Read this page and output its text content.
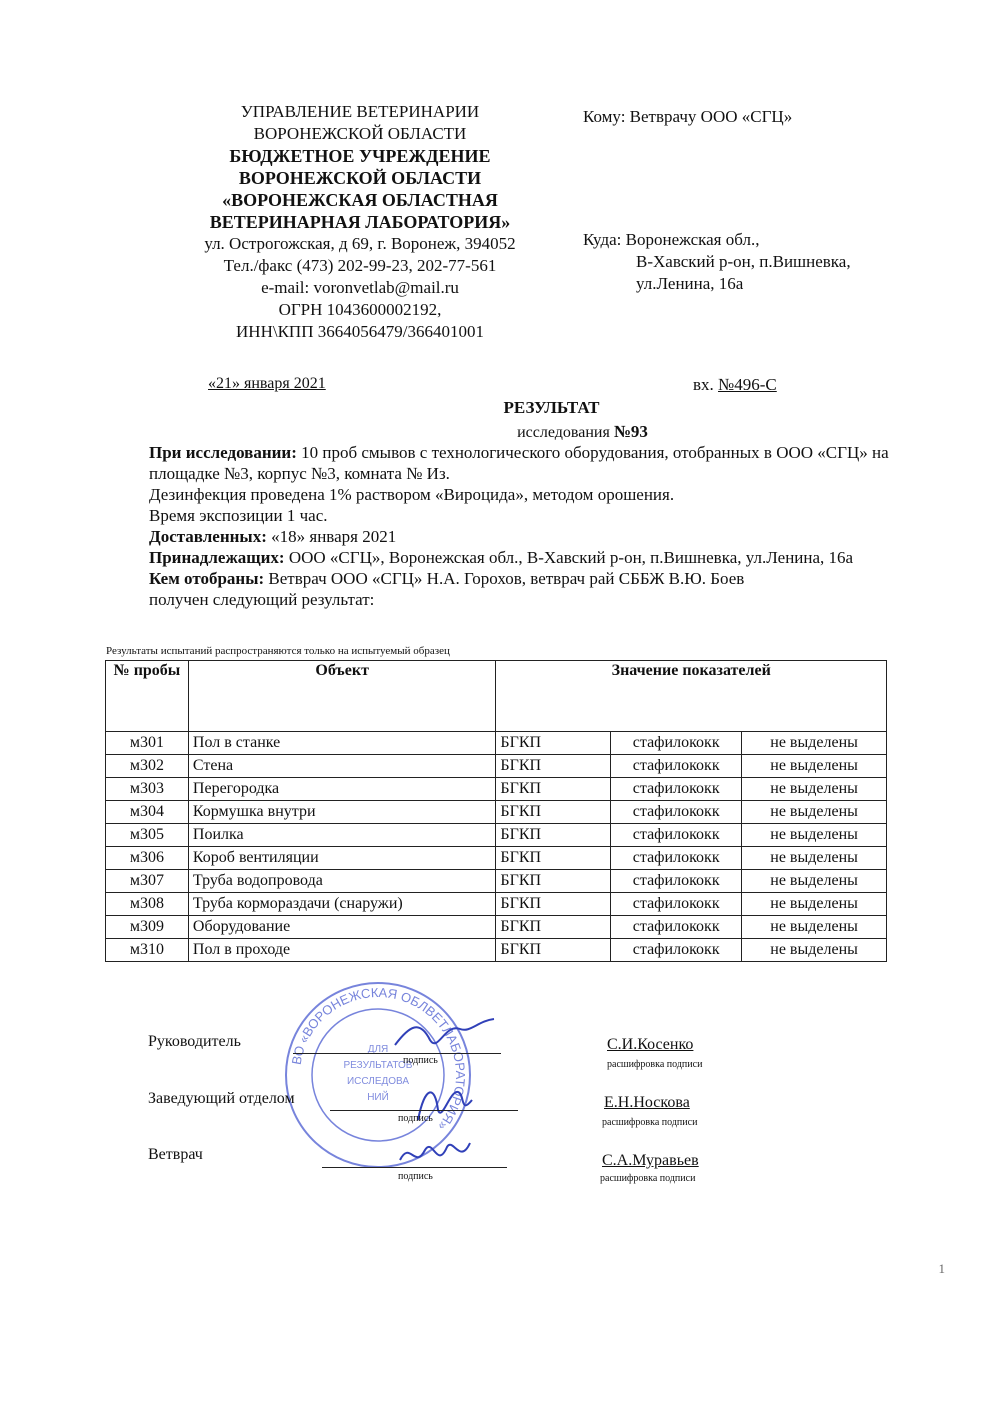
УПРАВЛЕНИЕ ВЕТЕРИНАРИИ
ВОРОНЕЖСКОЙ ОБЛАСТИ
БЮДЖЕТНОЕ УЧРЕЖДЕНИЕ
ВОРОНЕЖСКОЙ ОБЛАСТИ
«ВОРОНЕЖСКАЯ ОБЛАСТНАЯ
ВЕТЕРИНАРНАЯ ЛАБОРАТОРИЯ»
ул. Острогожская, д 69, г. Воронеж, 394052
Тел./факс (473) 202-99-23, 202-77-561
e-mail: voronvetlab@mail.ru
ОГРН 1043600002192,
ИНН\КПП 3664056479/366401001
Кому: Ветврачу ООО «СГЦ»
Куда: Воронежская обл.,
В-Хавский р-он, п.Вишневка,
ул.Ленина, 16а
«21» января 2021	вх. №496-С
РЕЗУЛЬТАТ
исследования №93

При исследовании: 10 проб смывов с технологического оборудования, отобранных в ООО «СГЦ» на площадке №3, корпус №3, комната № Из.

Дезинфекция проведена 1% раствором «Вироцида», методом орошения.

Время экспозиции 1 час.

Доставленных: «18» января 2021

Принадлежащих: ООО «СГЦ», Воронежская обл., В-Хавский р-он, п.Вишневка, ул.Ленина, 16а

Кем отобраны: Ветврач ООО «СГЦ» Н.А. Горохов, ветврач рай СББЖ В.Ю. Боев

получен следующий результат:

Результаты испытаний распространяются только на испытуемый образец
№ пробы	Объект	Значение показателей		
м301	Пол в станке	БГКП	стафилококк	не выделены
м302	Стена	БГКП	стафилококк	не выделены
м303	Перегородка	БГКП	стафилококк	не выделены
м304	Кормушка внутри	БГКП	стафилококк	не выделены
м305	Поилка	БГКП	стафилококк	не выделены
м306	Короб вентиляции	БГКП	стафилококк	не выделены
м307	Труба водопровода	БГКП	стафилококк	не выделены
м308	Труба кормораздачи (снаружи)	БГКП	стафилококк	не выделены
м309	Оборудование	БГКП	стафилококк	не выделены
м310	Пол в проходе	БГКП	стафилококк	не выделены
ВО «ВОРОНЕЖСКАЯ ОБЛВЕТЛАБОРАТОРИЯ»
ДЛЯ
РЕЗУЛЬТАТОВ
ИССЛЕДОВА
НИЙ
Руководитель
подпись
С.И.Косенко
расшифровка подписи
Заведующий отделом
подпись
Е.Н.Носкова
расшифровка подписи
Ветврач
подпись
С.А.Муравьев
расшифровка подписи
1
